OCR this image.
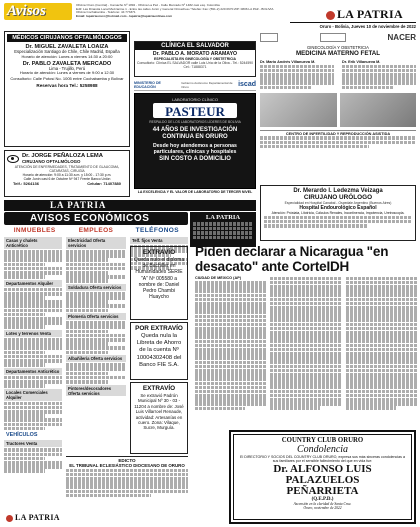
Avisos	Oficina Oruro (Central) - Camacho Nº 1892 - Oficina La Paz - Calle Mercado Nº 1482 casi esq. Colombia
Edif. Las Dinastía Local Mezzanine 1 - Entre las calles Junín y General Ormachea / Telefax: Fax: (591-2) 220 0670 ZIP: 0806 LA PAZ - BOLIVIA
Oficina Cochabamba - Telefono: 44 773371
Email: lapatriaoruro@hotmail.com - lapatria@lapatriaenlinea.com	LA PATRIA
Oruro - Bolivia, Jueves 10 de noviembre de 2022
MÉDICOS CIRUJANOS OFTALMÓLOGOS
Dr. MIGUEL ZAVALETA LOAIZA
Especialización Santiago de Chile, Chile Madrid, España
Horario de atención: Lunes a viernes 14:30 a 20:00
Dr. PABLO ZAVALETA MERCADO
Lima - Trujillo, Perú
Horario de atención: Lunes a viernes de 9:00 a 12:30
Consultorio: Calle Potosí No. 1005 entre Cochabamba y Bolívar
Reservas hora Tel.: 5258988
Dr. JORGE PEÑALOZA LEMA
CIRUJANO OFTALMÓLOGO
ATENCIÓN DE ENFERMEDADES, TRATAMIENTO DE GLAUCOMA, CATARATAS, CIRUGÍA
Horario de atención: 9:00 a 11:30 a.m. y 15:00 - 17:30 p.m.
Calle Junín casi 6 de Octubre Nº 947 Frente Banco Unión
Telf.: 5264136	Celular: 71407880
CLÍNICA EL SALVADOR
Dr. PABLO A. MORATO ARAMAYO
ESPECIALISTA EN GINECOLOGÍA Y OBSTETRICIA
Consultorio: Clínica EL SALVADOR calle Luis Uría de la Oliva - Tel.: 5244590 Cel.: 71888371
MINISTERIO DE EDUCACIÓN
Gobierno Autónomo Departamental de Oruro	iscad
LABORATORIO CLÍNICO
PASTEUR
RESPALDO DE LOS LABORATORIOS LÍDERES DE BOLIVIA
44 AÑOS DE INVESTIGACIÓN CONTINUA EN ORURO
Desde hoy atendemos a personas
particulares, clínicas y hospitales
SIN COSTO A DOMICILIO
LA EXCELENCIA Y EL VALOR DE LABORATORIO DE TERCER NIVEL
NACER
GINECOLOGÍA Y OBSTETRICIA
MEDICINA MATERNO FETAL
Dr. Mario Andrés Villanueva M.	Dr. Erik Villanueva M.
CENTRO DE INFERTILIDAD Y REPRODUCCIÓN ASISTIDA
Dr. Merardo I. Ledezma Veizaga
CIRUJANO URÓLOGO
Especialidad en Hospital Canabal - Ospedale Argentino (Buenos Aires)
Hospital Endourológico Español
Atención: Próstata, Litotricia, Cálculos Renales, Incontinencia, Impotencia, Uretroscopia.
LA PATRIA
AVISOS ECONÓMICOS	LA PATRIA
INMUEBLES	EMPLEOS	TELÉFONOS
Casas y chalets Anticrético
Departamentos Alquiler
Lotes y terrenos Venta
Departamentos Anticrético
Locales Comerciales Alquiler
VEHÍCULOS
Tractores Venta
Electricidad Oferta servicios
Soldadura Oferta servicios
Plomería Oferta servicios
Albañilería Oferta servicios
Pintores/decoradores Oferta servicios
Telf. fijos Venta
EXTRAVÍO
Queda nulo el diploma de Bachiller en Humanidades SERIE "A" Nº 005580 a nombre de: Daniel Pedro Chambi Huaycho
POR EXTRAVÍO
Queda nula la Libreta de Ahorro de la cuenta Nº 10004302408 del Banco FIE S.A.
EXTRAVÍO
Se extravió Padrón Municipal Nº 30 - 03 - 11204 a nombre de: José Luis Villarroel Renaude, actividad: Artesanías en cuero. Zona: Vilaque, Sucre, Murguía.
EDICTO
EL TRIBUNAL ECLESIÁSTICO DIOCESANO DE ORURO
Piden declarar a Nicaragua "en desacato" ante CorteIDH
CIUDAD DE MÉXICO (AP)
COUNTRY CLUB ORURO
Condolencia
El DIRECTORIO Y SOCIOS DEL COUNTRY CLUB ORURO, expresa sus más sinceras condolencias a sus familiares por el sensible fallecimiento del que en vida fue:
Dr. ALFONSO LUIS
PALAZUELOS
PEÑARRIETA
(Q.E.P.D.)
Ascensión en la claridad de Santa Cruz.
Oruro, noviembre de 2022
LA PATRIA
